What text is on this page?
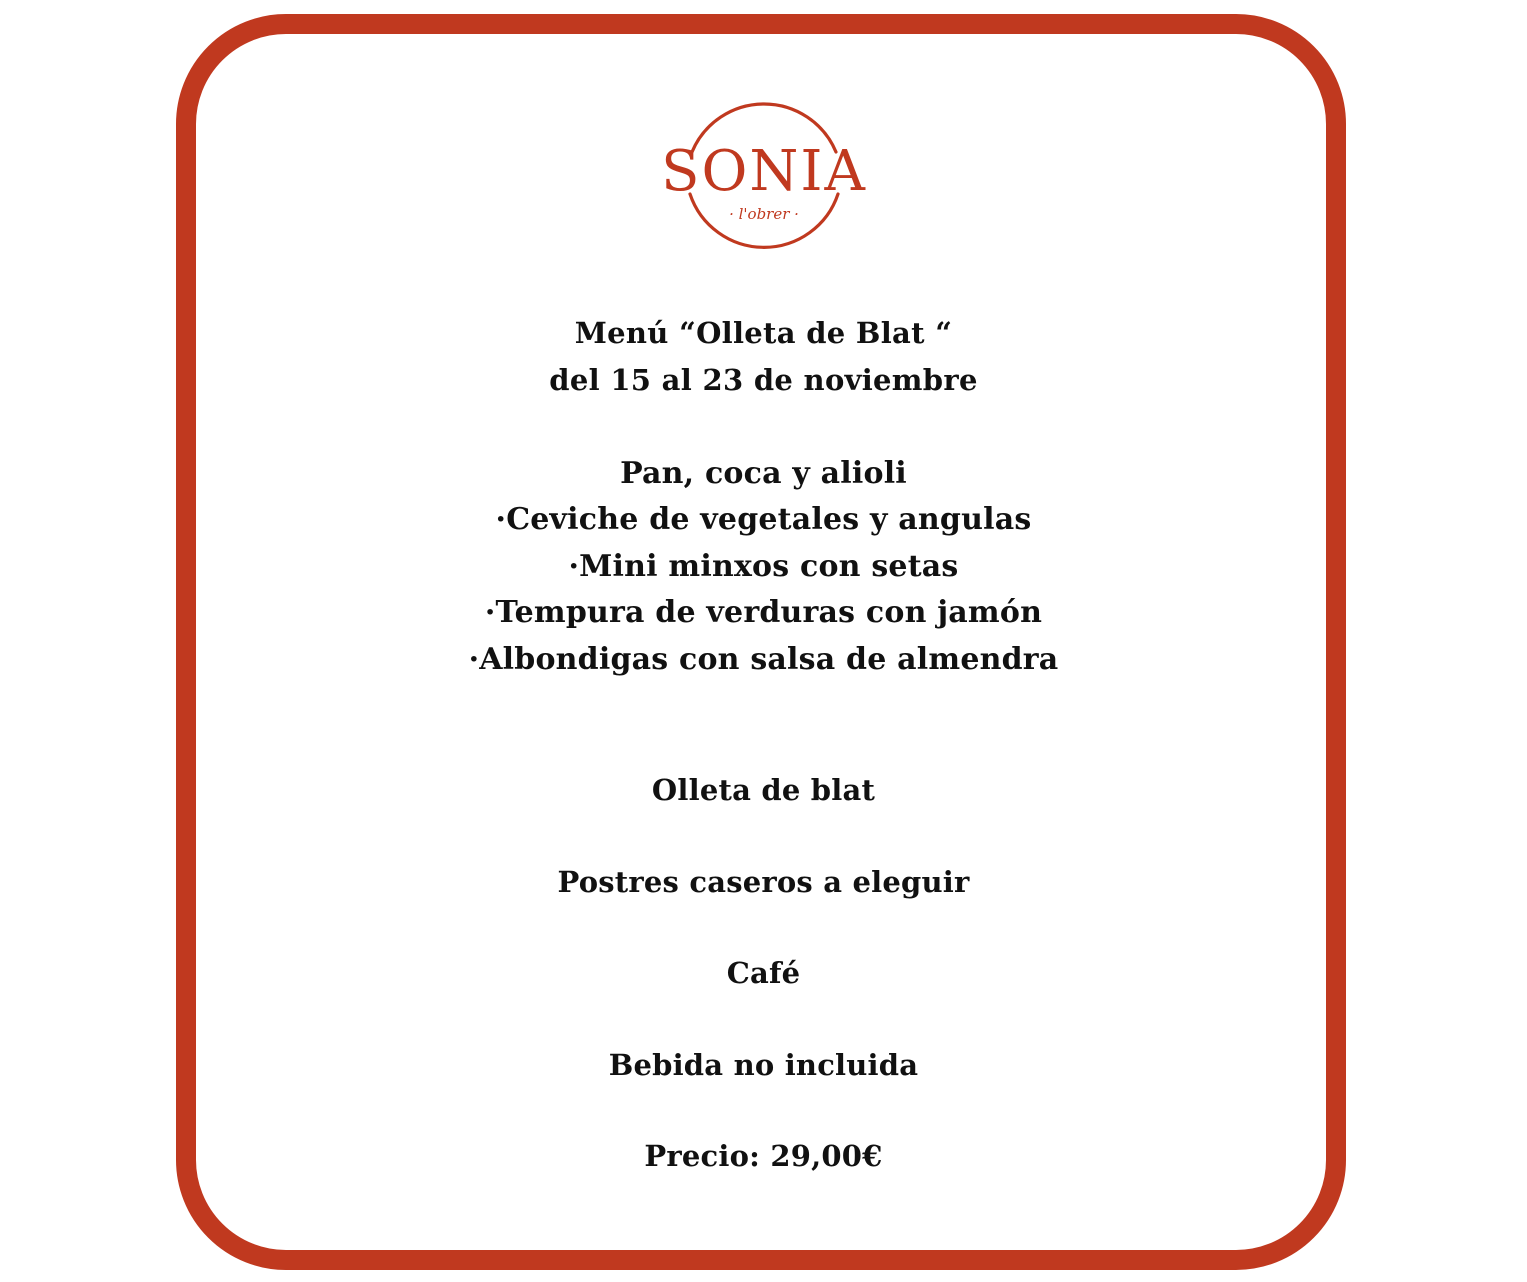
SONIA
· l'obrer ·
Menú “Olleta de Blat “
del 15 al 23 de noviembre
Pan, coca y alioli
·Ceviche de vegetales y angulas
·Mini minxos con setas
·Tempura de verduras con jamón
·Albondigas con salsa de almendra
Olleta de blat
Postres caseros a eleguir
Café
Bebida no incluida
Precio: 29,00€
